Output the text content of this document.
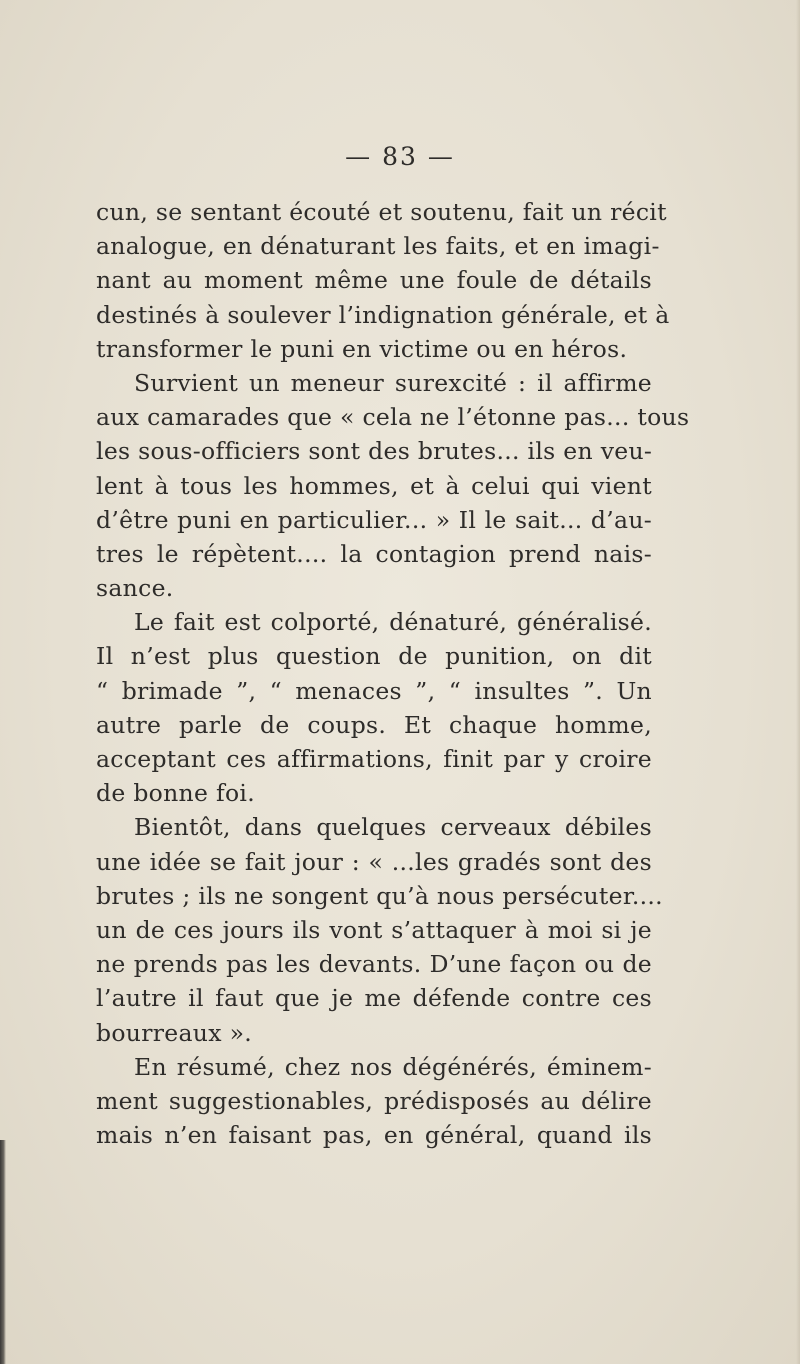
— 83 —
cun, se sentant écouté et soutenu, fait un récit
analogue, en dénaturant les faits, et en imagi-
nant au moment même une foule de détails
destinés à soulever l’indignation générale, et à
transformer le puni en victime ou en héros.
Survient un meneur surexcité : il affirme
aux camarades que « cela ne l’étonne pas... tous
les sous-officiers sont des brutes... ils en veu-
lent à tous les hommes, et à celui qui vient
d’être puni en particulier... » Il le sait... d’au-
tres le répètent.... la contagion prend nais-
sance.
Le fait est colporté, dénaturé, généralisé.
Il n’est plus question de punition, on dit
“ brimade ”, “ menaces ”, “ insultes ”. Un
autre parle de coups. Et chaque homme,
acceptant ces affirmations, finit par y croire
de bonne foi.
Bientôt, dans quelques cerveaux débiles
une idée se fait jour : « ...les gradés sont des
brutes ; ils ne songent qu’à nous persécuter....
un de ces jours ils vont s’attaquer à moi si je
ne prends pas les devants. D’une façon ou de
l’autre il faut que je me défende contre ces
bourreaux ».
En résumé, chez nos dégénérés, éminem-
ment suggestionables, prédisposés au délire
mais n’en faisant pas, en général, quand ils
